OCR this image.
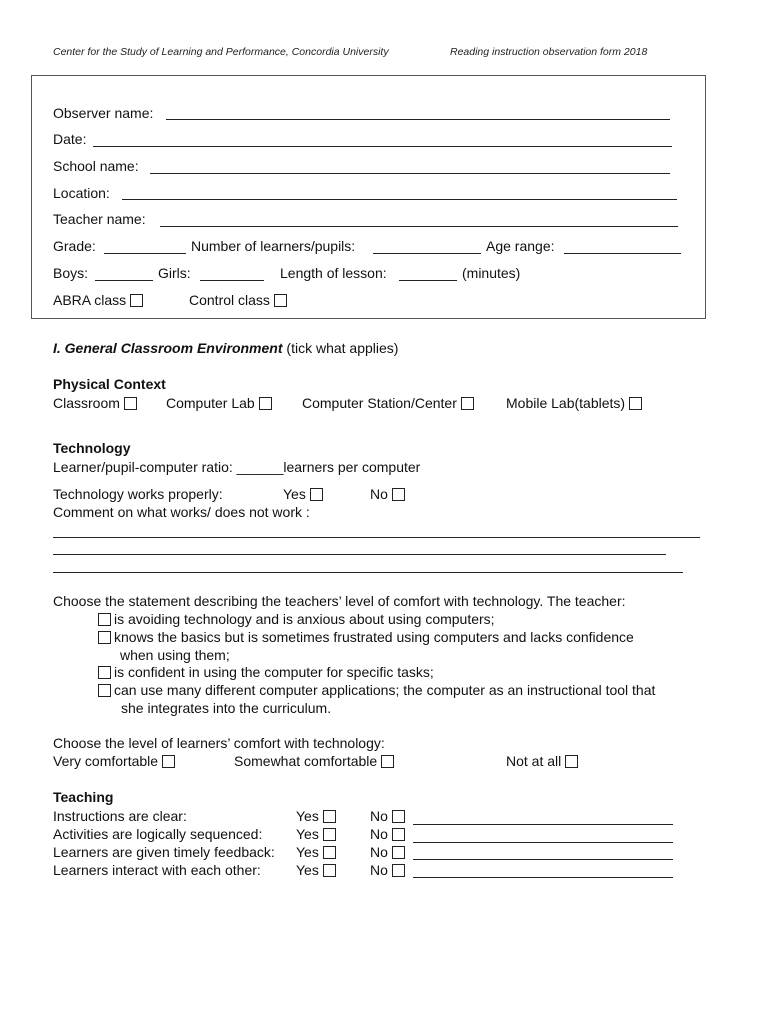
Center for the Study of Learning and Performance, Concordia University	Reading instruction observation form 2018
Observer name:
Date:
School name:
Location:
Teacher name:
Grade:	Number of learners/pupils:	Age range:
Boys:	Girls:	Length of lesson:	(minutes)
ABRA class	Control class
I. General Classroom Environment (tick what applies)
Physical Context
Classroom	Computer Lab	Computer Station/Center	Mobile Lab(tablets)
Technology
Learner/pupil-computer ratio: ______learners per computer
Technology works properly:	Yes	No
Comment on what works/ does not work :
Choose the statement describing the teachers’ level of comfort with technology. The teacher:
is avoiding technology and is anxious about using computers;
knows the basics but is sometimes frustrated using computers and lacks confidence
when using them;
is confident in using the computer for specific tasks;
can use many different computer applications; the computer as an instructional tool that
she integrates into the curriculum.
Choose the level of learners’ comfort with technology:
Very comfortable	Somewhat comfortable	Not at all
Teaching
Instructions are clear:	Yes	No
Activities are logically sequenced: Yes	No
Learners are given timely feedback: Yes	No
Learners interact with each other:	Yes	No
